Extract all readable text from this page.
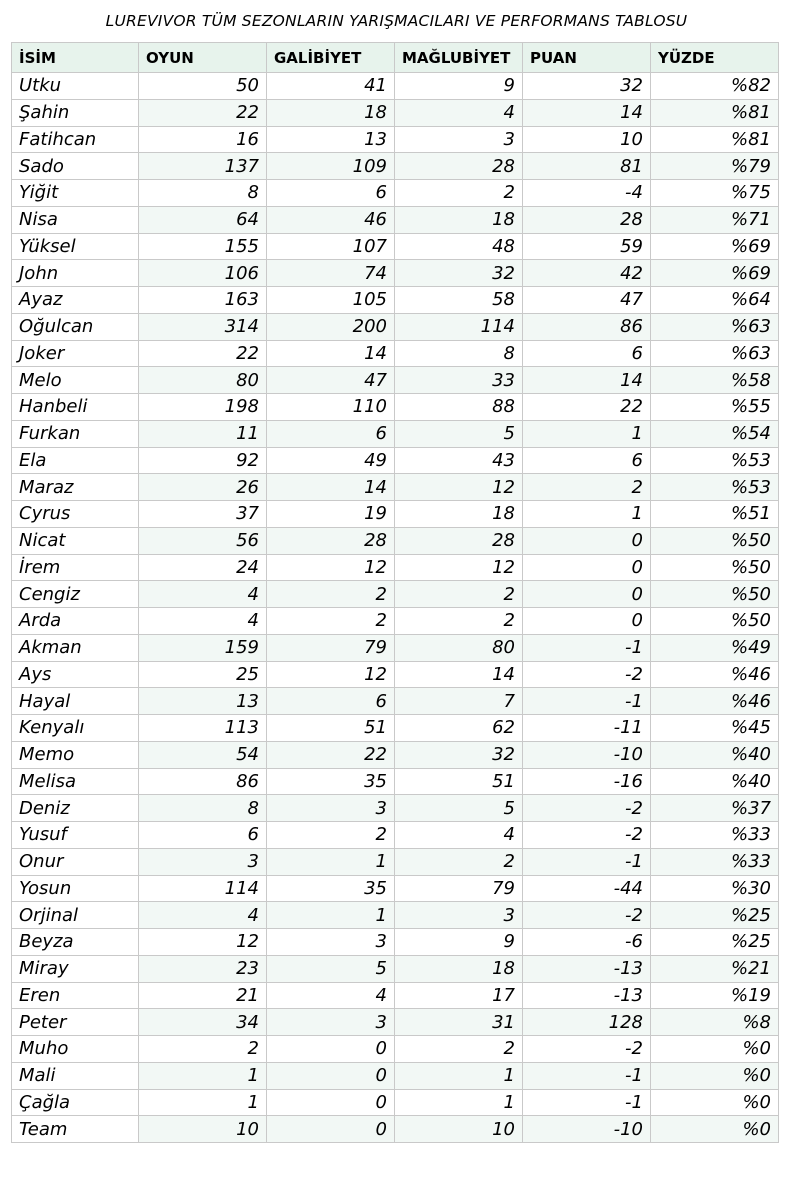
LUREVIVOR TÜM SEZONLARIN YARIŞMACILARI VE PERFORMANS TABLOSU
İSİM	OYUN	GALİBİYET	MAĞLUBİYET	PUAN	YÜZDE
Utku	50	41	9	32	%82
Şahin	22	18	4	14	%81
Fatihcan	16	13	3	10	%81
Sado	137	109	28	81	%79
Yiğit	8	6	2	-4	%75
Nisa	64	46	18	28	%71
Yüksel	155	107	48	59	%69
John	106	74	32	42	%69
Ayaz	163	105	58	47	%64
Oğulcan	314	200	114	86	%63
Joker	22	14	8	6	%63
Melo	80	47	33	14	%58
Hanbeli	198	110	88	22	%55
Furkan	11	6	5	1	%54
Ela	92	49	43	6	%53
Maraz	26	14	12	2	%53
Cyrus	37	19	18	1	%51
Nicat	56	28	28	0	%50
İrem	24	12	12	0	%50
Cengiz	4	2	2	0	%50
Arda	4	2	2	0	%50
Akman	159	79	80	-1	%49
Ays	25	12	14	-2	%46
Hayal	13	6	7	-1	%46
Kenyalı	113	51	62	-11	%45
Memo	54	22	32	-10	%40
Melisa	86	35	51	-16	%40
Deniz	8	3	5	-2	%37
Yusuf	6	2	4	-2	%33
Onur	3	1	2	-1	%33
Yosun	114	35	79	-44	%30
Orjinal	4	1	3	-2	%25
Beyza	12	3	9	-6	%25
Miray	23	5	18	-13	%21
Eren	21	4	17	-13	%19
Peter	34	3	31	128	%8
Muho	2	0	2	-2	%0
Mali	1	0	1	-1	%0
Çağla	1	0	1	-1	%0
Team	10	0	10	-10	%0
